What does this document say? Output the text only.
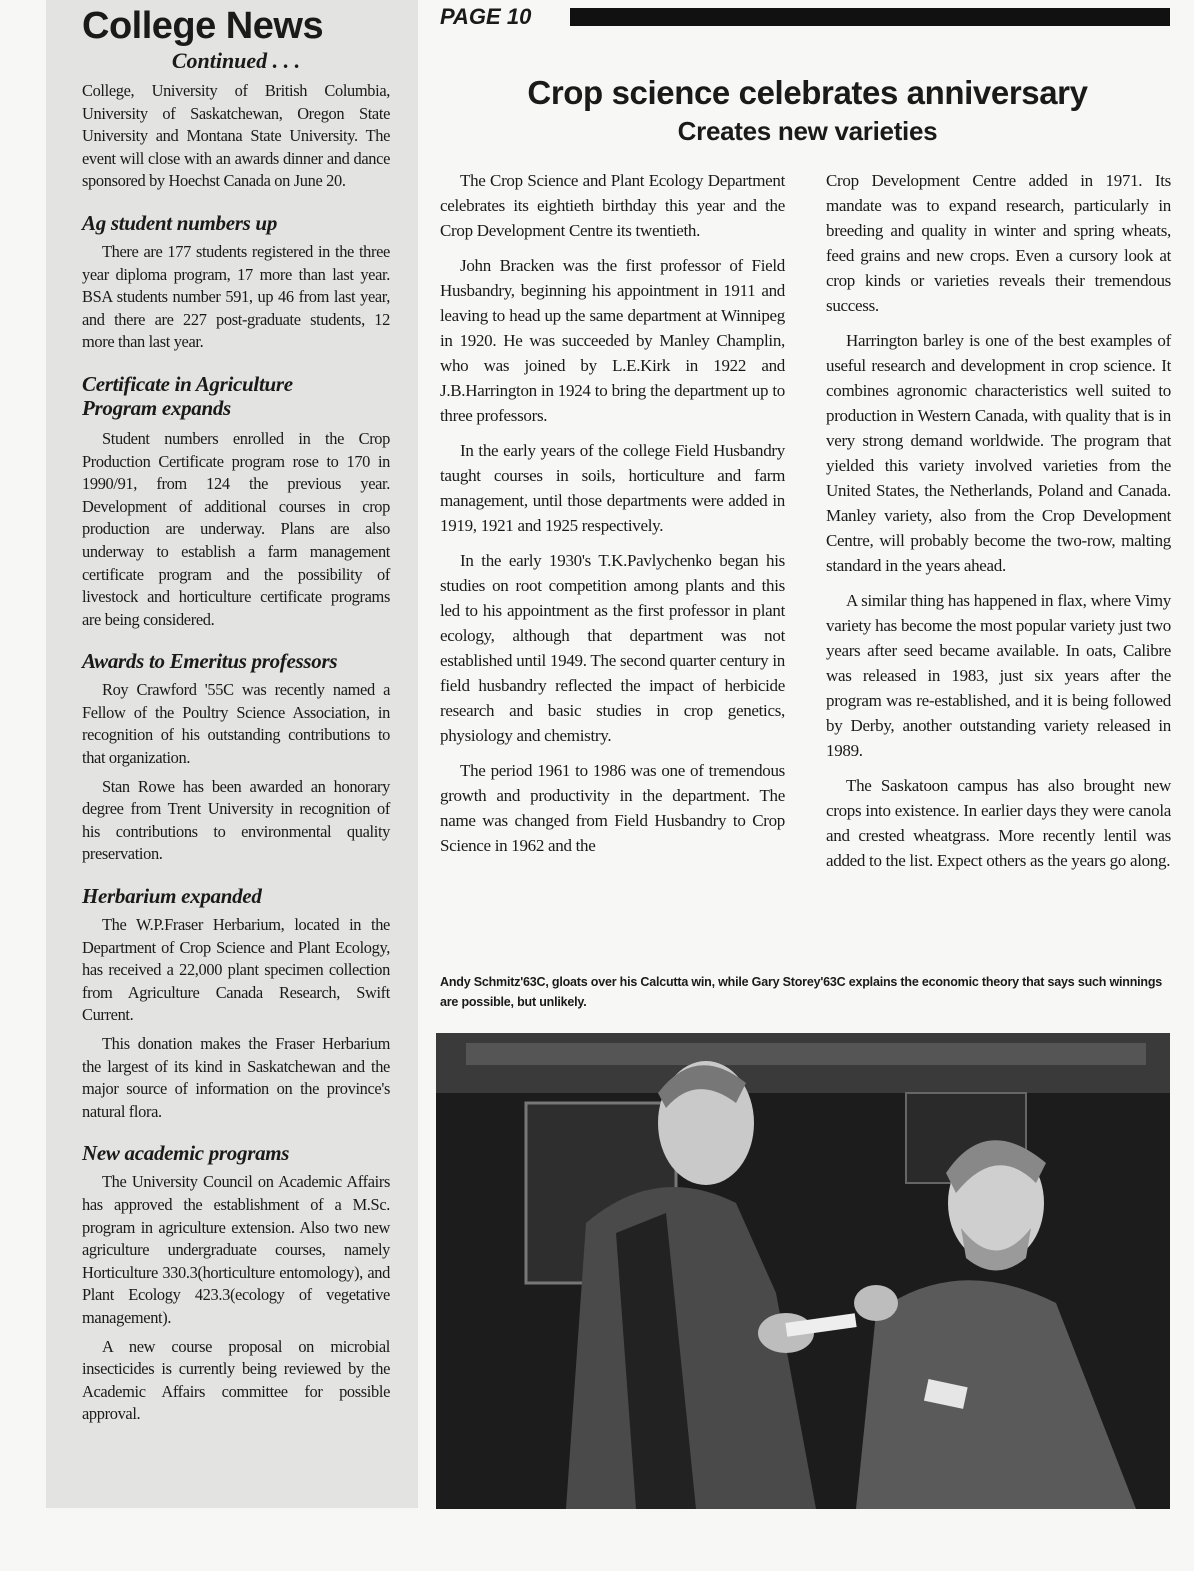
College News
Continued . . .

College, University of British Columbia, University of Saskatchewan, Oregon State University and Montana State University. The event will close with an awards dinner and dance sponsored by Hoechst Canada on June 20.

Ag student numbers up

There are 177 students registered in the three year diploma program, 17 more than last year. BSA students number 591, up 46 from last year, and there are 227 post-graduate students, 12 more than last year.

Certificate in Agriculture
Program expands

Student numbers enrolled in the Crop Production Certificate program rose to 170 in 1990/91, from 124 the previous year. Development of additional courses in crop production are underway. Plans are also underway to establish a farm management certificate program and the possibility of livestock and horticulture certificate programs are being considered.

Awards to Emeritus professors

Roy Crawford '55C was recently named a Fellow of the Poultry Science Association, in recognition of his outstanding contributions to that organization.

Stan Rowe has been awarded an honorary degree from Trent University in recognition of his contributions to environmental quality preservation.

Herbarium expanded

The W.P.Fraser Herbarium, located in the Department of Crop Science and Plant Ecology, has received a 22,000 plant specimen collection from Agriculture Canada Research, Swift Current.

This donation makes the Fraser Herbarium the largest of its kind in Saskatchewan and the major source of information on the province's natural flora.

New academic programs

The University Council on Academic Affairs has approved the establishment of a M.Sc. program in agriculture extension. Also two new agriculture undergraduate courses, namely Horticulture 330.3(horticulture entomology), and Plant Ecology 423.3(ecology of vegetative management).

A new course proposal on microbial insecticides is currently being reviewed by the Academic Affairs committee for possible approval.

PAGE 10
Crop science celebrates anniversary
Creates new varieties

The Crop Science and Plant Ecology Department celebrates its eightieth birthday this year and the Crop Development Centre its twentieth.

John Bracken was the first professor of Field Husbandry, beginning his appointment in 1911 and leaving to head up the same department at Winnipeg in 1920. He was succeeded by Manley Champlin, who was joined by L.E.Kirk in 1922 and J.B.Harrington in 1924 to bring the department up to three professors.

In the early years of the college Field Husbandry taught courses in soils, horticulture and farm management, until those departments were added in 1919, 1921 and 1925 respectively.

In the early 1930's T.K.Pavlychenko began his studies on root competition among plants and this led to his appointment as the first professor in plant ecology, although that department was not established until 1949. The second quarter century in field husbandry reflected the impact of herbicide research and basic studies in crop genetics, physiology and chemistry.

The period 1961 to 1986 was one of tremendous growth and productivity in the department. The name was changed from Field Husbandry to Crop Science in 1962 and the

Crop Development Centre added in 1971. Its mandate was to expand research, particularly in breeding and quality in winter and spring wheats, feed grains and new crops. Even a cursory look at crop kinds or varieties reveals their tremendous success.

Harrington barley is one of the best examples of useful research and development in crop science. It combines agronomic characteristics well suited to production in Western Canada, with quality that is in very strong demand worldwide. The program that yielded this variety involved varieties from the United States, the Netherlands, Poland and Canada. Manley variety, also from the Crop Development Centre, will probably become the two-row, malting standard in the years ahead.

A similar thing has happened in flax, where Vimy variety has become the most popular variety just two years after seed became available. In oats, Calibre was released in 1983, just six years after the program was re-established, and it is being followed by Derby, another outstanding variety released in 1989.

The Saskatoon campus has also brought new crops into existence. In earlier days they were canola and crested wheatgrass. More recently lentil was added to the list. Expect others as the years go along.

Andy Schmitz'63C, gloats over his Calcutta win, while Gary Storey'63C explains the economic theory that says such winnings are possible, but unlikely.
